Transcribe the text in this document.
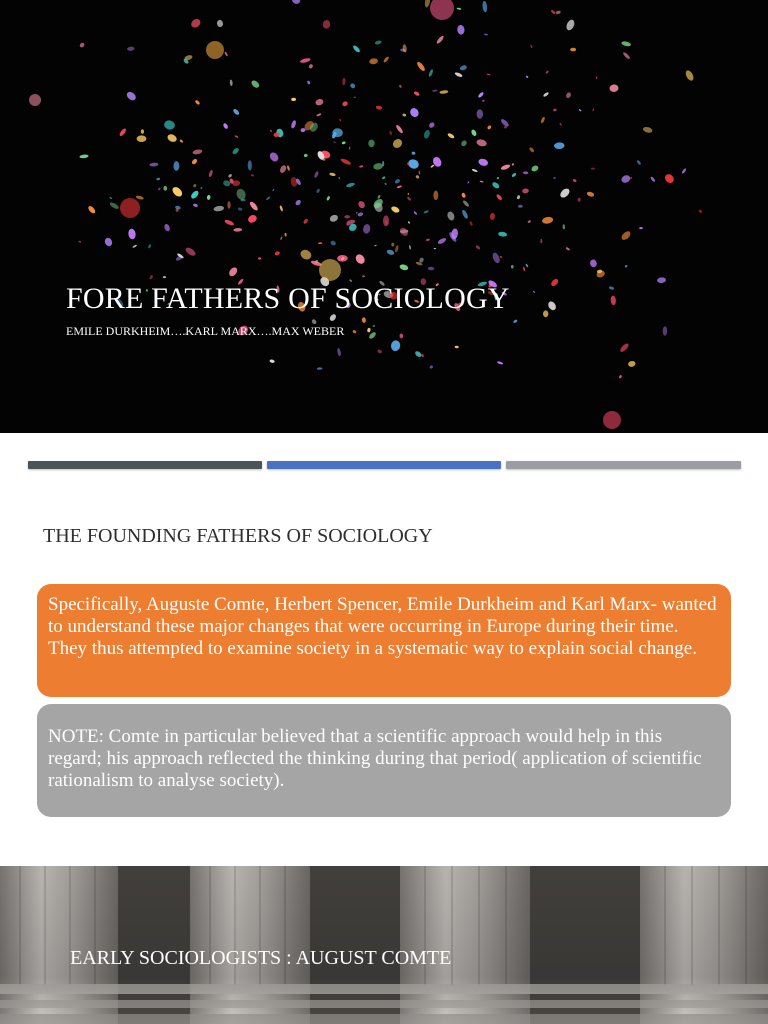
FORE FATHERS OF SOCIOLOGY
EMILE DURKHEIM….KARL MARX….MAX WEBER
THE FOUNDING FATHERS OF SOCIOLOGY
Specifically, Auguste Comte, Herbert Spencer, Emile Durkheim and Karl Marx- wanted to understand these major changes that were occurring in Europe during their time. They thus attempted to examine society in a systematic way to explain social change.
NOTE: Comte in particular believed that a scientific approach would help in this regard; his approach reflected the thinking during that period( application of scientific rationalism to analyse society).
EARLY SOCIOLOGISTS : AUGUST COMTE
